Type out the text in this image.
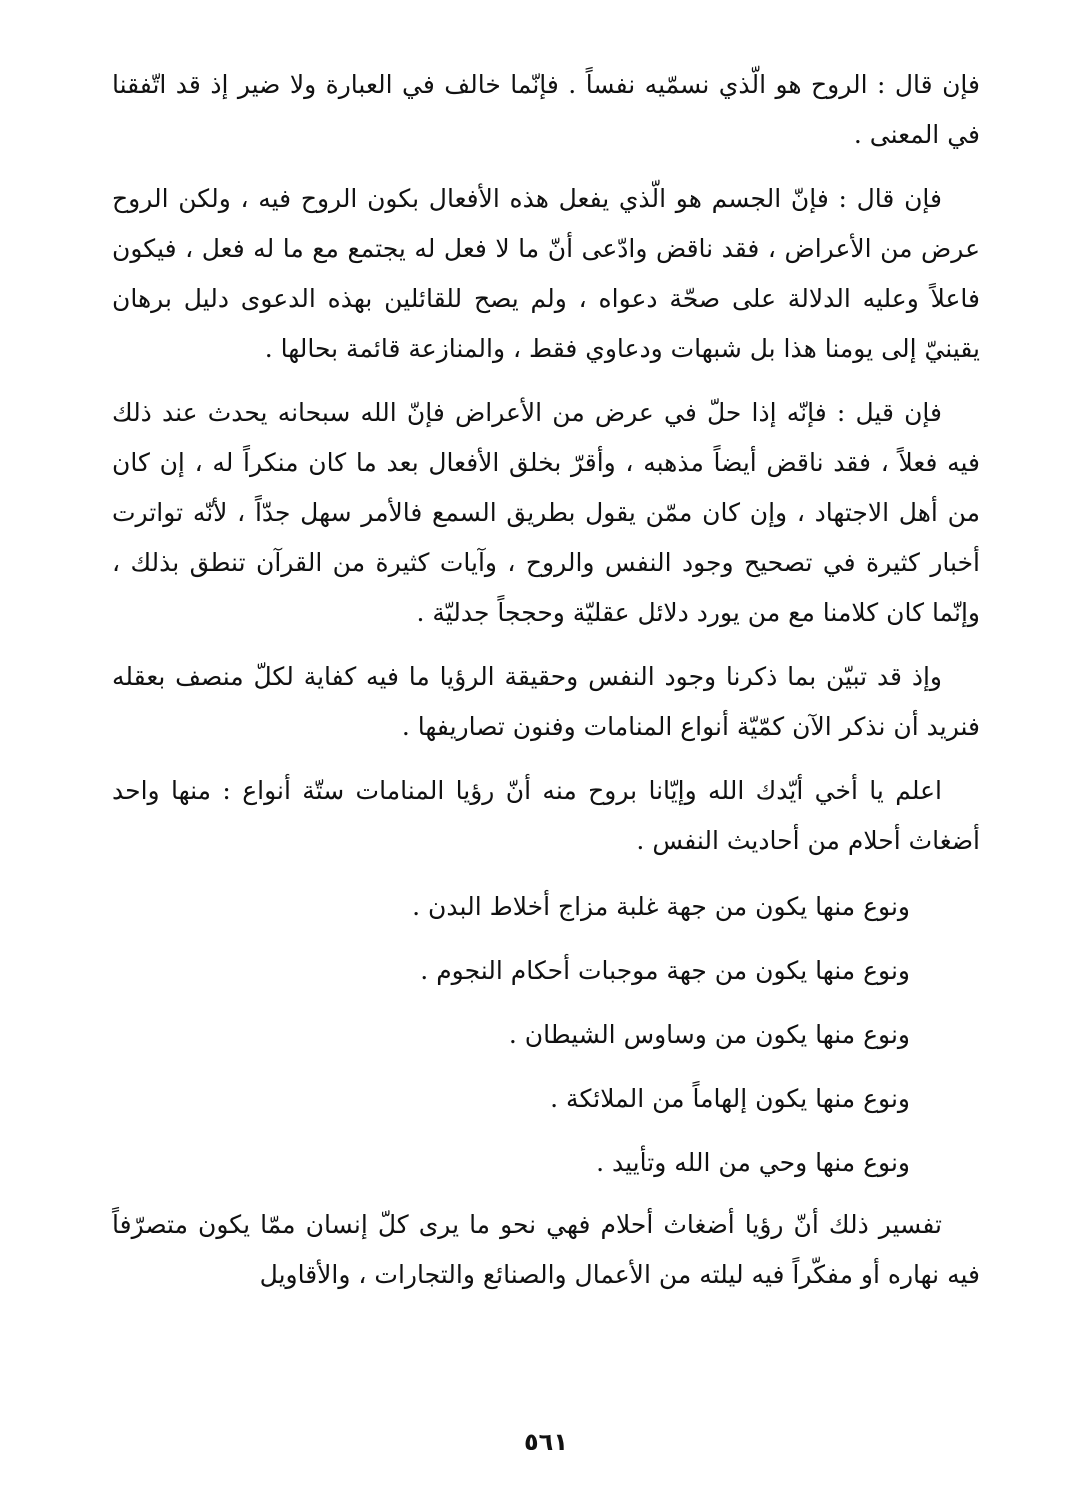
فإن قال : الروح هو الّذي نسمّيه نفساً . فإنّما خالف في العبارة ولا ضير إذ قد اتّفقنا في المعنى .

فإن قال : فإنّ الجسم هو الّذي يفعل هذه الأفعال بكون الروح فيه ، ولكن الروح عرض من الأعراض ، فقد ناقض وادّعى أنّ ما لا فعل له يجتمع مع ما له فعل ، فيكون فاعلاً وعليه الدلالة على صحّة دعواه ، ولم يصح للقائلين بهذه الدعوى دليل برهان يقينيّ إلى يومنا هذا بل شبهات ودعاوي فقط ، والمنازعة قائمة بحالها .

فإن قيل : فإنّه إذا حلّ في عرض من الأعراض فإنّ الله سبحانه يحدث عند ذلك فيه فعلاً ، فقد ناقض أيضاً مذهبه ، وأقرّ بخلق الأفعال بعد ما كان منكراً له ، إن كان من أهل الاجتهاد ، وإن كان ممّن يقول بطريق السمع فالأمر سهل جدّاً ، لأنّه تواترت أخبار كثيرة في تصحيح وجود النفس والروح ، وآيات كثيرة من القرآن تنطق بذلك ، وإنّما كان كلامنا مع من يورد دلائل عقليّة وحججاً جدليّة .

وإذ قد تبيّن بما ذكرنا وجود النفس وحقيقة الرؤيا ما فيه كفاية لكلّ منصف بعقله فنريد أن نذكر الآن كمّيّة أنواع المنامات وفنون تصاريفها .

اعلم يا أخي أيّدك الله وإيّانا بروح منه أنّ رؤيا المنامات ستّة أنواع : منها واحد أضغاث أحلام من أحاديث النفس .

ونوع منها يكون من جهة غلبة مزاج أخلاط البدن .

ونوع منها يكون من جهة موجبات أحكام النجوم .

ونوع منها يكون من وساوس الشيطان .

ونوع منها يكون إلهاماً من الملائكة .

ونوع منها وحي من الله وتأييد .

تفسير ذلك أنّ رؤيا أضغاث أحلام فهي نحو ما يرى كلّ إنسان ممّا يكون متصرّفاً فيه نهاره أو مفكّراً فيه ليلته من الأعمال والصنائع والتجارات ، والأقاويل

٥٦١
